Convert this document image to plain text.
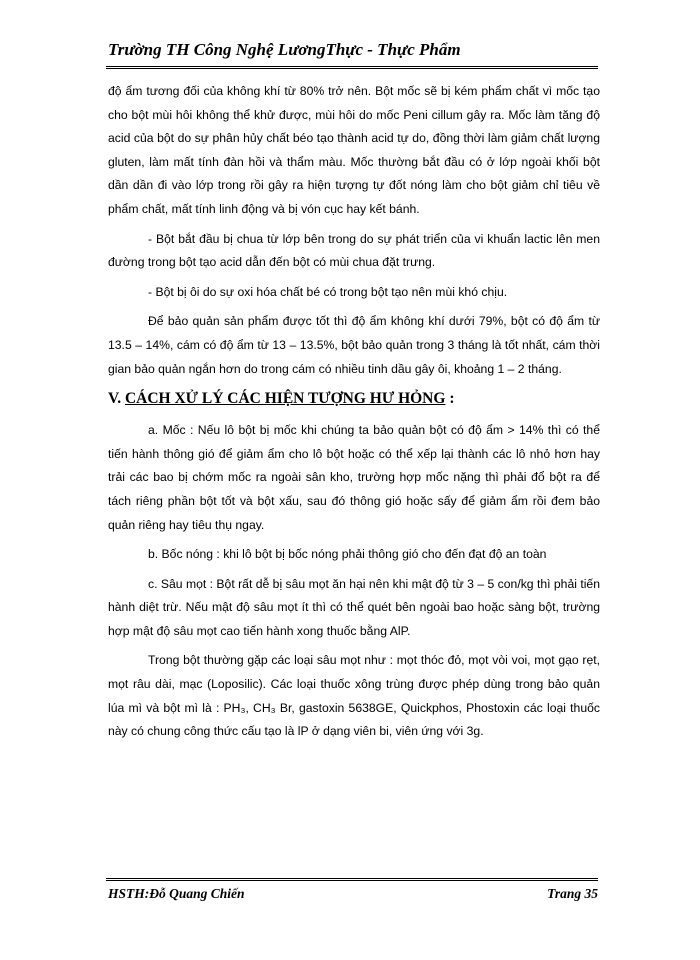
Trường TH Công Nghệ LươngThực - Thực Phẩm

độ ẩm tương đối của không khí từ 80% trở nên. Bột mốc sẽ bị kém phẩm chất vì mốc tạo cho bột mùi hôi không thể khử được, mùi hôi do mốc Peni cillum gây ra. Mốc làm tăng độ acid của bột do sự phân hủy chất béo tạo thành acid tự do, đồng thời làm giảm chất lượng gluten, làm mất tính đàn hồi và thẩm màu. Mốc thường bắt đầu có ở lớp ngoài khối bột dần dần đi vào lớp trong rồi gây ra hiện tượng tự đốt nóng làm cho bột giảm chỉ tiêu về phẩm chất, mất tính linh động và bị vón cục hay kết bánh.

- Bột bắt đầu bị chua từ lớp bên trong do sự phát triển của vi khuẩn lactic lên men đường trong bột tạo acid dẫn đến bột có mùi chua đặt trưng.

- Bột bị ôi do sự oxi hóa chất bé có trong bột tạo nên mùi khó chịu.

Để bảo quản sản phẩm được tốt thì độ ẩm không khí dưới 79%, bột có độ ẩm từ 13.5 – 14%, cám có độ ẩm từ 13 – 13.5%, bột bảo quản trong 3 tháng là tốt nhất, cám thời gian bảo quản ngắn hơn do trong cám có nhiều tinh dầu gây ôi, khoảng 1 – 2 tháng.

V. CÁCH XỬ LÝ CÁC HIỆN TƯỢNG HƯ HỎNG :

a. Mốc : Nếu lô bột bị mốc khi chúng ta bảo quản bột có độ ẩm > 14% thì có thể tiến hành thông gió để giảm ẩm cho lô bột hoặc có thể xếp lại thành các lô nhỏ hơn hay trải các bao bị chớm mốc ra ngoài sân kho, trường hợp mốc nặng thì phải đổ bột ra để tách riêng phần bột tốt và bột xấu, sau đó thông gió hoặc sấy để giảm ẩm rồi đem bảo quản riêng hay tiêu thụ ngay.

b. Bốc nóng : khi lô bột bị bốc nóng phải thông gió cho đến đạt độ an toàn

c. Sâu mọt : Bột rất dễ bị sâu mọt ăn hại nên khi mật độ từ 3 – 5 con/kg thì phải tiến hành diệt trừ. Nếu mật độ sâu mọt ít thì có thể quét bên ngoài bao hoặc sàng bột, trường hợp mật độ sâu mọt cao tiến hành xong thuốc bằng AlP.

Trong bột thường gặp các loại sâu mọt như : mọt thóc đỏ, mọt vòi voi, mọt gạo rẹt, mọt râu dài, mạc (Loposilic). Các loại thuốc xông trùng được phép dùng trong bảo quản lúa mì và bột mì là : PH₃, CH₃ Br, gastoxin 5638GE, Quickphos, Phostoxin các loại thuốc này có chung công thức cấu tạo là lP ở dạng viên bi, viên ứng với 3g.

HSTH:Đỗ Quang Chiến	Trang 35
